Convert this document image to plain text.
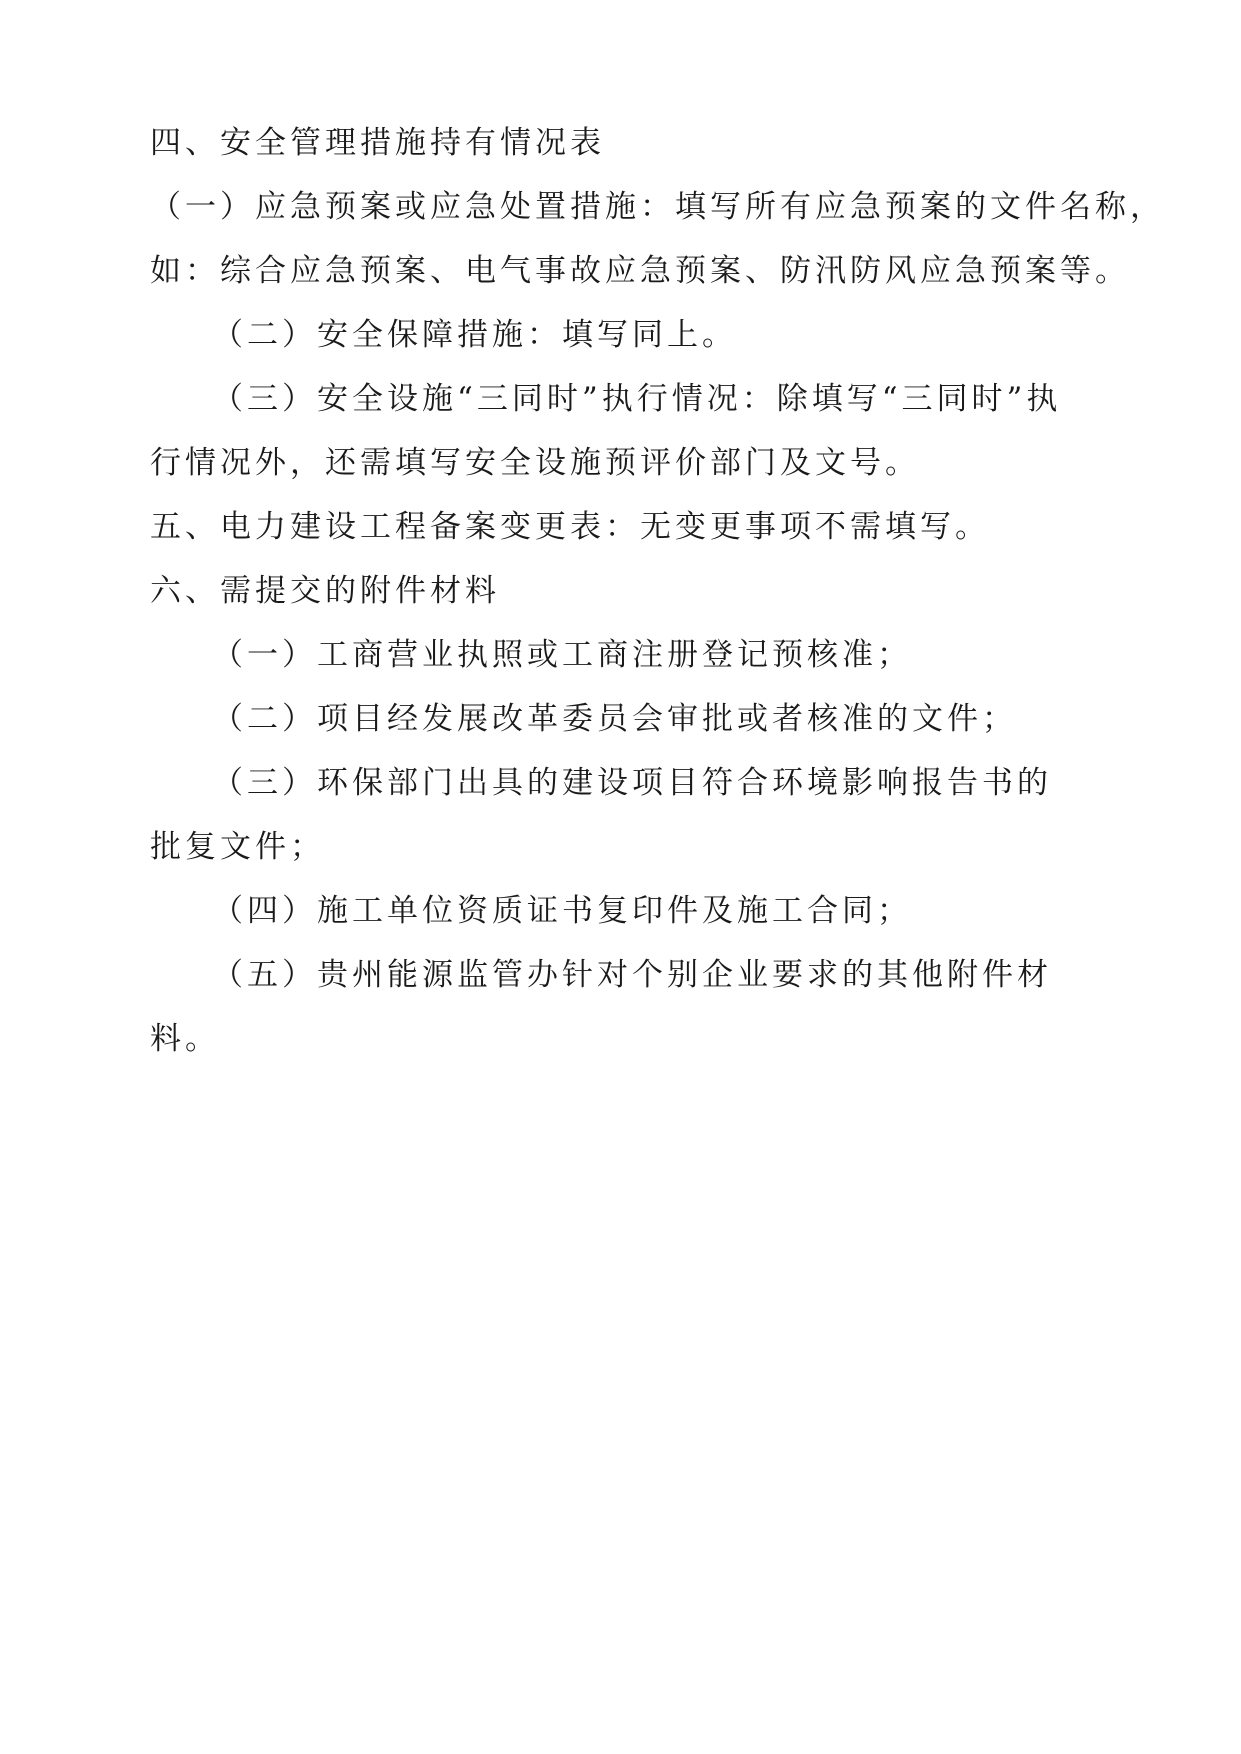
四、安全管理措施持有情况表
（一）应急预案或应急处置措施：填写所有应急预案的文件名称，
如：综合应急预案、电气事故应急预案、防汛防风应急预案等。
（二）安全保障措施：填写同上。
（三）安全设施“三同时”执行情况：除填写“三同时”执
行情况外，还需填写安全设施预评价部门及文号。
五、电力建设工程备案变更表：无变更事项不需填写。
六、需提交的附件材料
（一）工商营业执照或工商注册登记预核准；
（二）项目经发展改革委员会审批或者核准的文件；
（三）环保部门出具的建设项目符合环境影响报告书的
批复文件；
（四）施工单位资质证书复印件及施工合同；
（五）贵州能源监管办针对个别企业要求的其他附件材
料。
